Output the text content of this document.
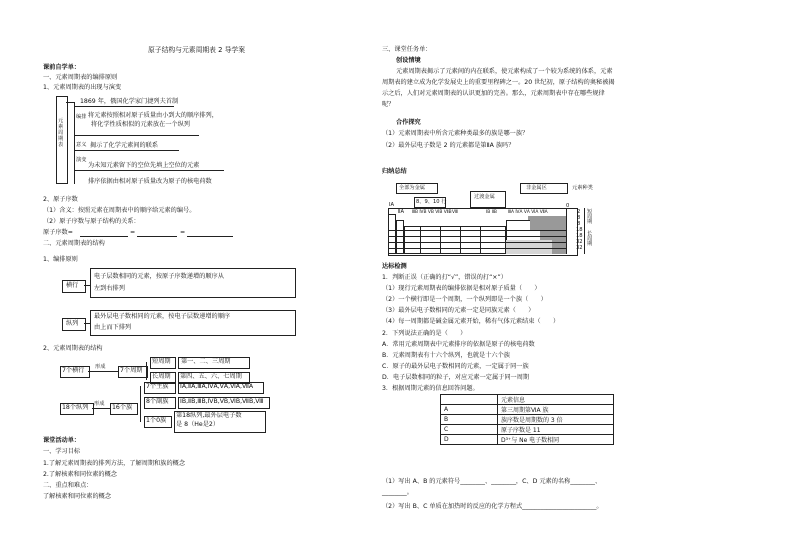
原子结构与元素周期表 2 导学案
课前自学单：
一、元素周期表的编排原则
1、元素周期表的出现与演变
元素周期表
1869 年，俄国化学家门捷列夫首制
编排 将元素按照相对原子质量由小到大的顺序排列，
将化学性质相似的元素放在一个纵列
意义 揭示了化学元素间的联系
演变
为未知元素留下的空位先填上空位的元素
排序依据由相对原子质量改为原子的核电荷数
2、原子序数
（1）含义：按照元素在周期表中的顺序给元素的编号。
（2）原子序数与原子结构的关系：
原子序数=	=	=
二、元素周期表的结构
1、编排原则
横行
电子层数相同的元素，按原子序数递增的顺序从
左到右排列
纵列
最外层电子数相同的元素，按电子层数递增的顺序
由上而下排列
2、元素周期表的结构
7个横行 形成 7个周期
短周期 第一、二、三周期
长周期 第四、五、六、七周期
18个纵列 形成 16个族
7个主族 ⅠA,ⅡA,ⅢA,ⅣA,ⅤA,ⅥA,ⅦA
8个副族 ⅠB,ⅡB,ⅢB,ⅣB,ⅤB,ⅥB,ⅦB,Ⅷ
1个0族
第18纵列,最外层电子数
是 8（He是2）
课堂活动单：
一、学习目标
1.了解元素周期表的排列方法，了解周期和族的概念
2.了解核素和同位素的概念
二、重点和难点：
了解核素和同位素的概念
三、课堂任务单：
创设情境
元素周期表揭示了元素间的内在联系，使元素构成了一个较为系统的体系，元素
周期表的建立成为化学发展史上的重要里程碑之一。20 世纪初，原子结构的奥秘被揭
示之后，人们对元素周期表的认识更加的完善。那么，元素周期表中存在哪些规律
呢？
合作探究
（1）元素周期表中所含元素种类最多的族是哪一族？
（2）最外层电子数是 2 的元素都是第ⅡA 族吗？
归纳总结
全部为金属
过渡金属
8、9、10 行
非金属区	元素种类
ⅠA
ⅡA ⅢB ⅣB ⅤB ⅥB ⅦB Ⅷ	ⅠB ⅡB	ⅢA ⅣA ⅤA ⅥA ⅦA
0
2
8
8
18
18
32
32
短周期
长周期
达标检测
1．判断正误（正确的打“√”，错误的打“×”）
（1）现行元素周期表的编排依据是相对原子质量（　　）
（2）一个横行即是一个周期，一个纵列即是一个族（　　）
（3）最外层电子数相同的元素一定是同族元素（　　）
（4）每一周期都是碱金属元素开始，稀有气体元素结束（　　）
2．下列说法正确的是（　　）
A．常用元素周期表中元素排序的依据是原子的核电荷数
B．元素周期表有十六个纵列，也就是十六个族
C．原子的最外层电子数相同的元素，一定属于同一族
D．电子层数相同的粒子，对应元素一定属于同一周期
3．根据周期元素的信息回答问题。
	元素信息
A	第三周期第ⅥA 族
B	族序数是周期数的 3 倍
C	原子序数是 11
D	D³⁺与 Ne 电子数相同
（1）写出 A、B 的元素符号________、________，C、D 元素的名称________、
________。
（2）写出 B、C 单质在加热时的反应的化学方程式________________________。
